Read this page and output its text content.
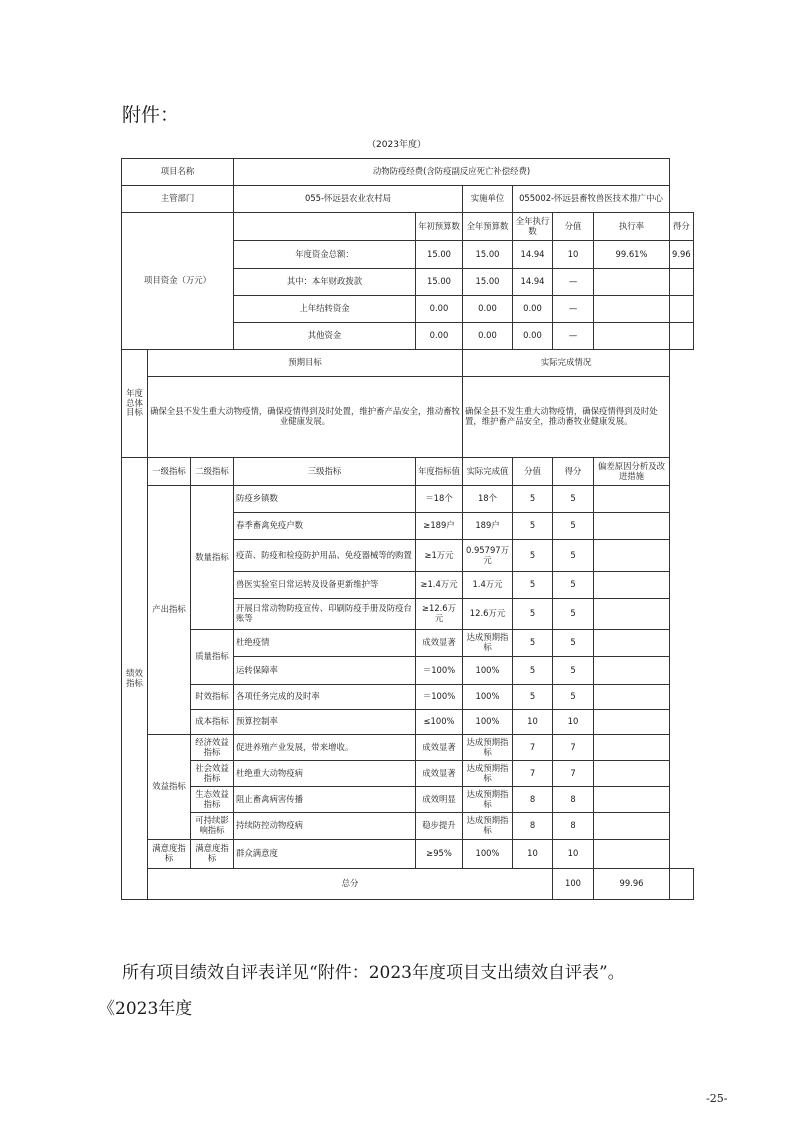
附件：
（2023年度）
项目名称			动物防疫经费(含防疫副反应死亡补偿经费)						
主管部门			055-怀远县农业农村局		实施单位	055002-怀远县畜牧兽医技术推广中心			
项目资金（万元）				年初预算数	全年预算数	全年执行数	分值	执行率	得分
			年度资金总额：	15.00	15.00	14.94	10	99.61%	9.96
			其中：本年财政拨款	15.00	15.00	14.94	—		
			上年结转资金	0.00	0.00	0.00	—		
			其他资金	0.00	0.00	0.00	—		
年度总体目标	预期目标				实际完成情况				
	确保全县不发生重大动物疫情，确保疫情得到及时处置，维护畜产品安全，推动畜牧业健康发展。				确保全县不发生重大动物疫情，确保疫情得到及时处置，维护畜产品安全，推动畜牧业健康发展。				
绩效指标	一级指标	二级指标	三级指标	年度指标值	实际完成值	分值	得分	偏差原因分析及改进措施	
	产出指标	数量指标	防疫乡镇数	＝18个	18个	5	5		
			春季畜禽免疫户数	≥189户	189户	5	5		
			疫苗、防疫和检疫防护用品、免疫器械等的购置	≥1万元	0.95797万元	5	5		
			兽医实验室日常运转及设备更新维护等	≥1.4万元	1.4万元	5	5		
			开展日常动物防疫宣传、印刷防疫手册及防疫台账等	≥12.6万元	12.6万元	5	5		
		质量指标	杜绝疫情	成效显著	达成预期指标	5	5		
			运转保障率	＝100%	100%	5	5		
		时效指标	各项任务完成的及时率	＝100%	100%	5	5		
		成本指标	预算控制率	≤100%	100%	10	10		
	效益指标	经济效益指标	促进养殖产业发展，带来增收。	成效显著	达成预期指标	7	7		
		社会效益指标	杜绝重大动物疫病	成效显著	达成预期指标	7	7		
		生态效益指标	阻止畜禽病害传播	成效明显	达成预期指标	8	8		
		可持续影响指标	持续防控动物疫病	稳步提升	达成预期指标	8	8		
	满意度指标	满意度指标	群众满意度	≥95%	100%	10	10		
	总分						100	99.96	
所有项目绩效自评表详见“附件：2023年度项目支出绩效自评表”。
《2023年度
-25-
